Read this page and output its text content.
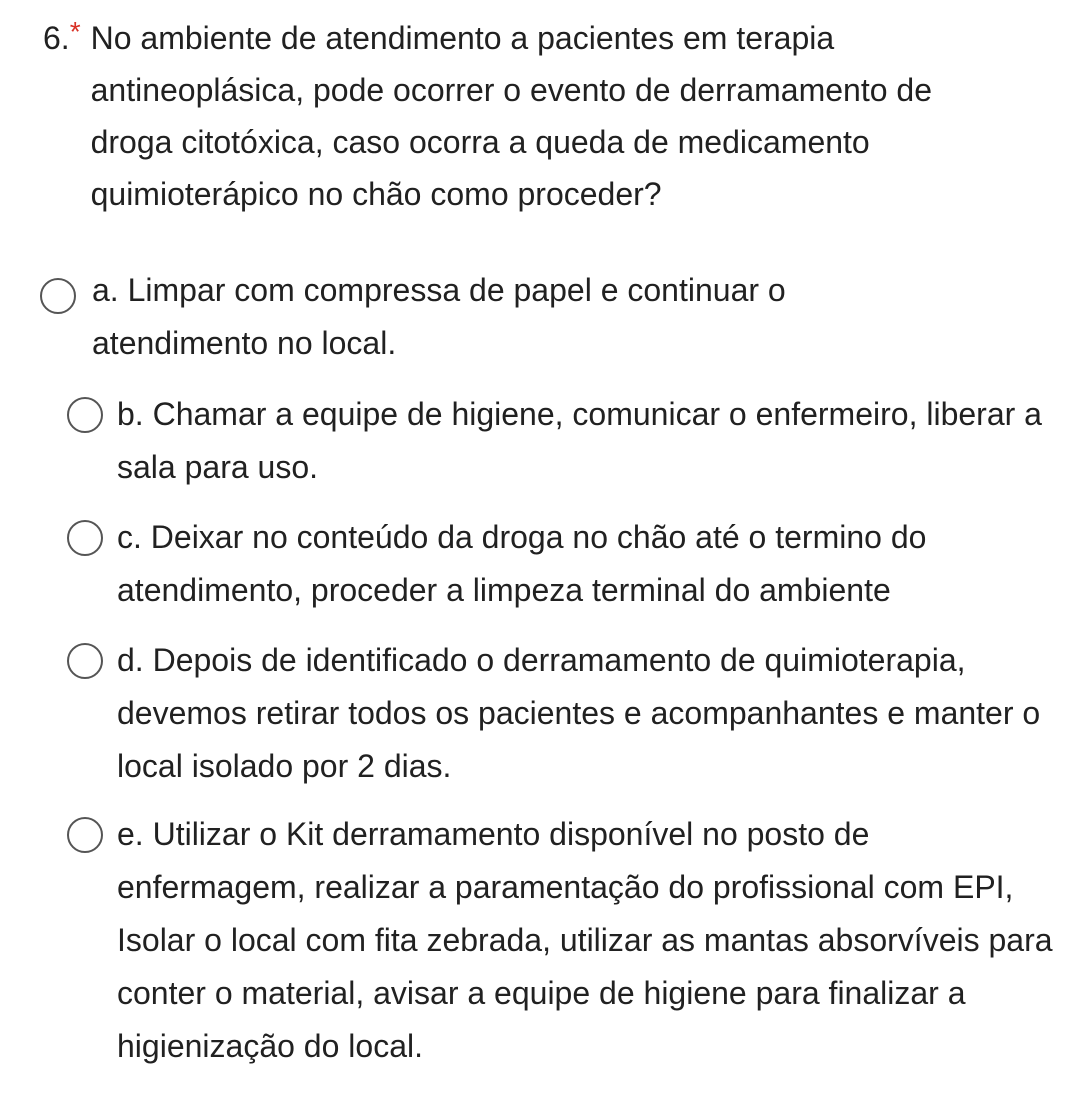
6. * No ambiente de atendimento a pacientes em terapia antineoplásica, pode ocorrer o evento de derramamento de droga citotóxica, caso ocorra a queda de medicamento quimioterápico no chão como proceder?
a. Limpar com compressa de papel e continuar o
atendimento no local.
b. Chamar a equipe de higiene, comunicar o enfermeiro, liberar a sala para uso.
c. Deixar no conteúdo da droga no chão até o termino do atendimento, proceder a limpeza terminal do ambiente
d. Depois de identificado o derramamento de quimioterapia, devemos retirar todos os pacientes e acompanhantes e manter o local isolado por 2 dias.
e. Utilizar o Kit derramamento disponível no posto de enfermagem, realizar a paramentação do profissional com EPI, Isolar o local com fita zebrada, utilizar as mantas absorvíveis para conter o material, avisar a equipe de higiene para finalizar a higienização do local.
